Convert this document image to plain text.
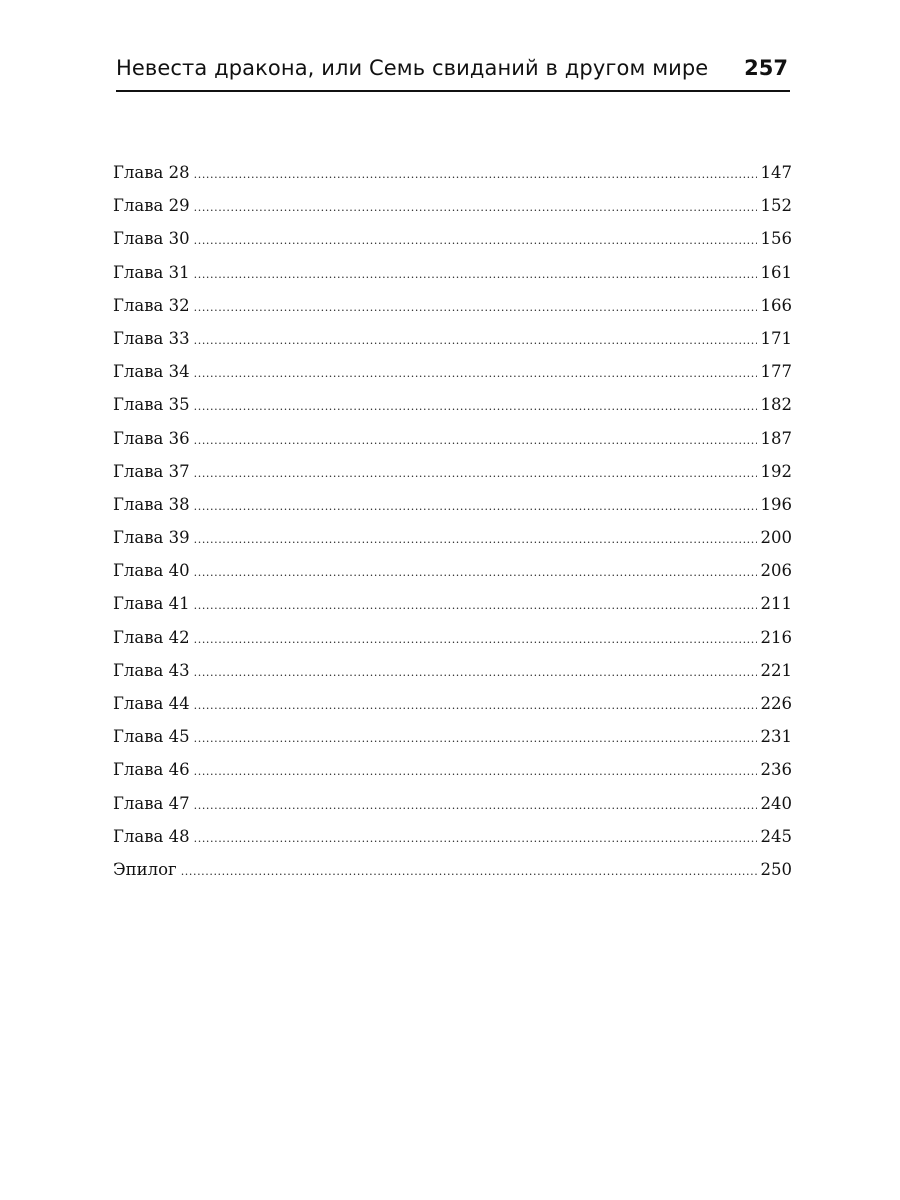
Невеста дракона, или Семь свиданий в другом мире 257
Глава 28 .....	147
Глава 29 .....	152
Глава 30 .....	156
Глава 31 .....	161
Глава 32 .....	166
Глава 33 .....	171
Глава 34 .....	177
Глава 35 .....	182
Глава 36 .....	187
Глава 37 .....	192
Глава 38 .....	196
Глава 39 .....	200
Глава 40 .....	206
Глава 41 .....	211
Глава 42 .....	216
Глава 43 .....	221
Глава 44 .....	226
Глава 45 .....	231
Глава 46 .....	236
Глава 47 .....	240
Глава 48 .....	245
Эпилог .....	250
